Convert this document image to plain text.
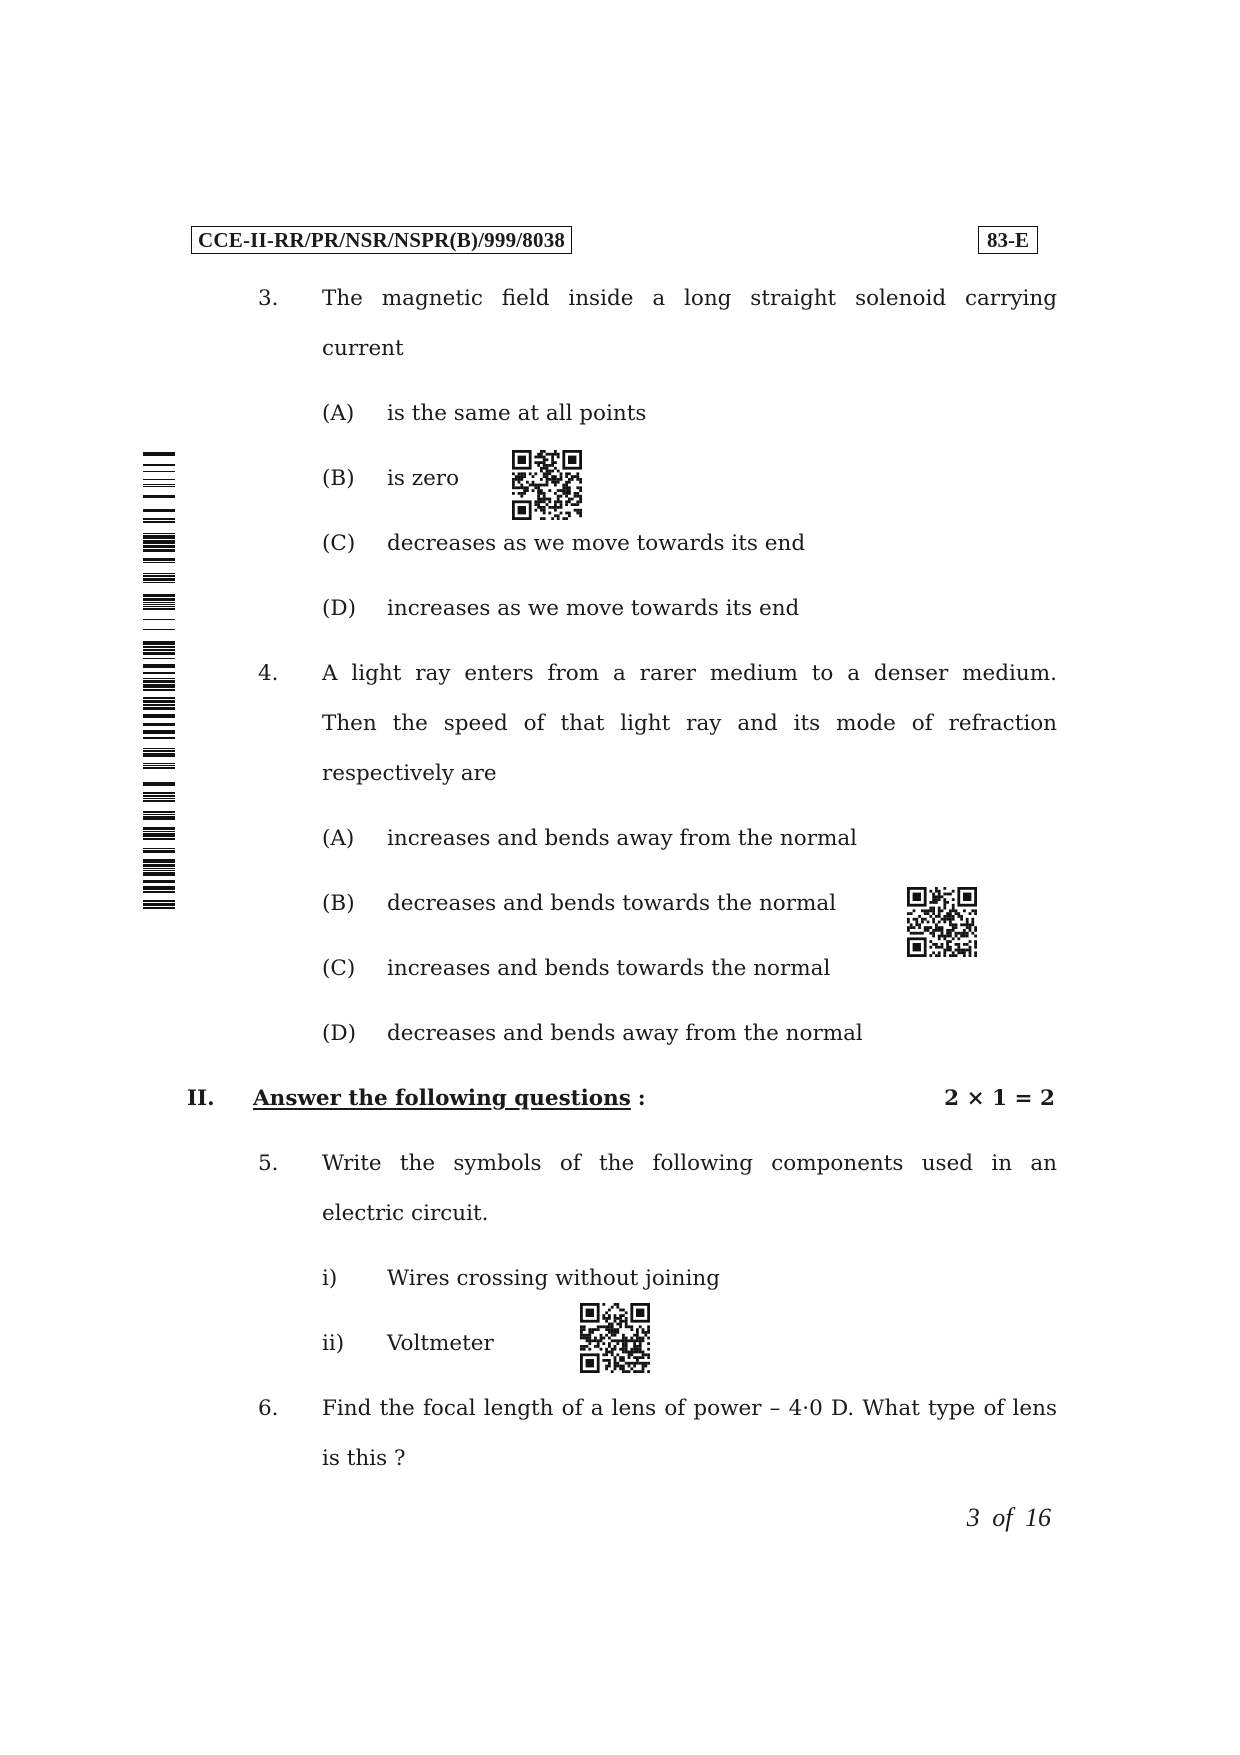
CCE-II-RR/PR/NSR/NSPR(B)/999/8038	83-E
3. The magnetic field inside a long straight solenoid carrying
current
(A) is the same at all points
(B) is zero
(C) decreases as we move towards its end
(D) increases as we move towards its end
4. A light ray enters from a rarer medium to a denser medium.
Then the speed of that light ray and its mode of refraction
respectively are
(A) increases and bends away from the normal
(B) decreases and bends towards the normal
(C) increases and bends towards the normal
(D) decreases and bends away from the normal
II. Answer the following questions :	2 × 1 = 2
5. Write the symbols of the following components used in an
electric circuit.
i) Wires crossing without joining
ii) Voltmeter
6. Find the focal length of a lens of power – 4·0 D. What type of lens
is this ?
3 of 16
